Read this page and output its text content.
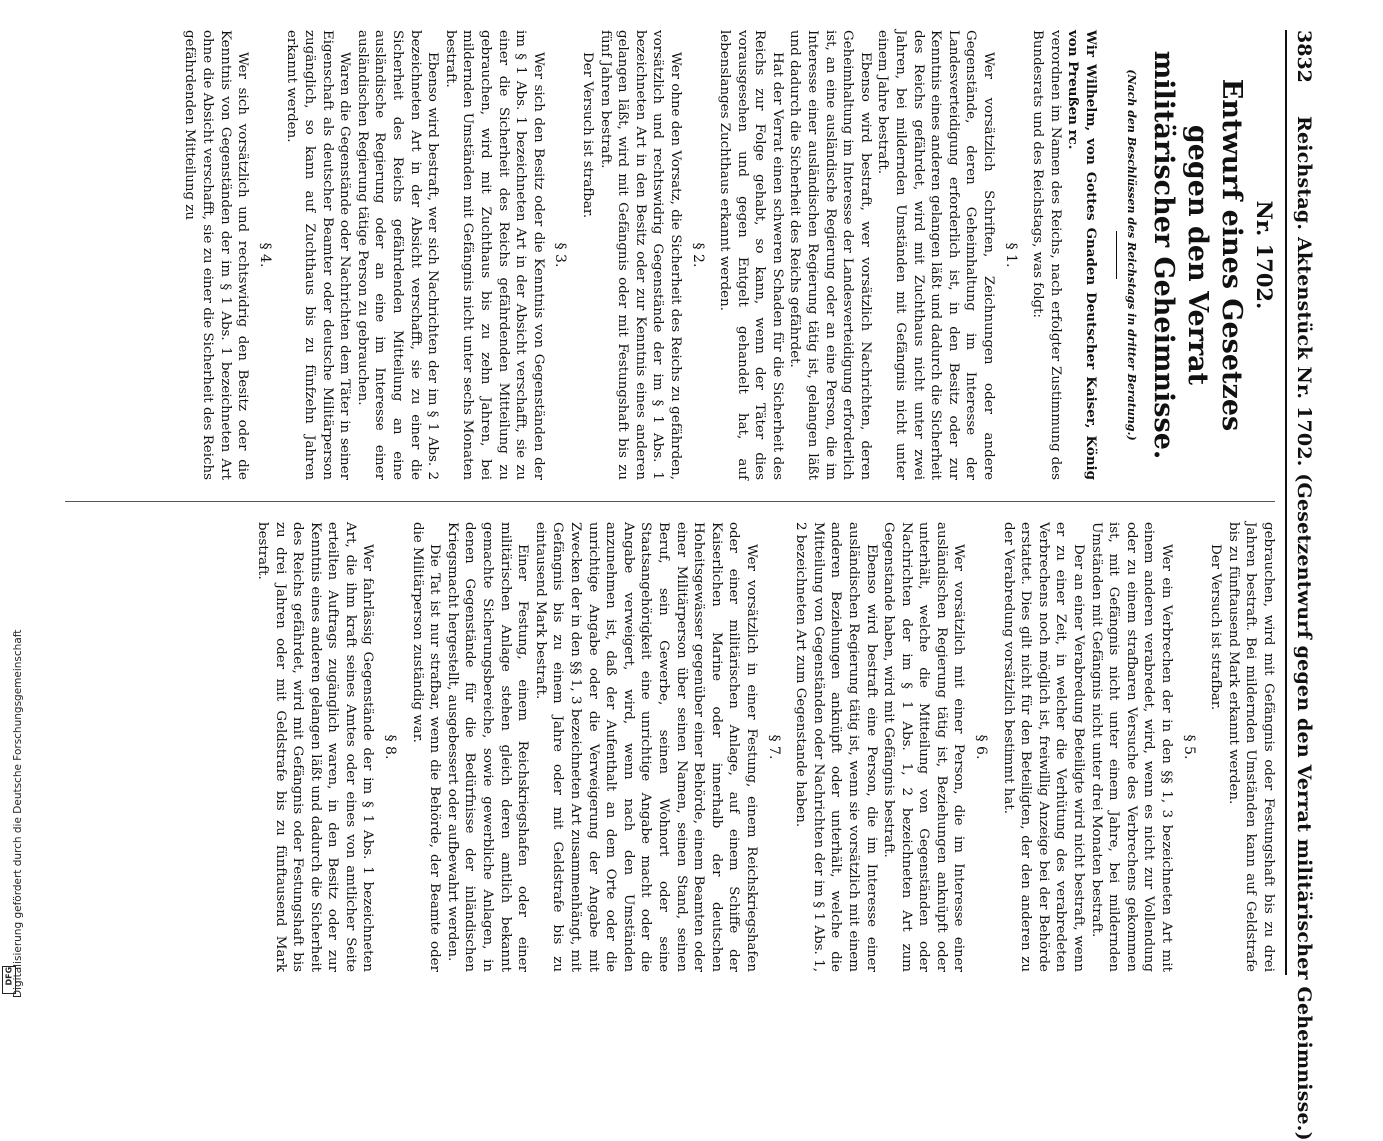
3832
Reichstag. Aktenstück Nr. 1702. (Gesetzentwurf gegen den Verrat militärischer Geheimnisse.)
Nr. 1702.
Entwurf eines Gesetzes
gegen den Verrat militärischer Geheimnisse.
(Nach den Beschlüssen des Reichstags in dritter Beratung.)

Wir Wilhelm, von Gottes Gnaden Deutscher Kaiser, König von Preußen rc.

verordnen im Namen des Reichs, nach erfolgter Zustimmung des Bundesrats und des Reichstags, was folgt:

§ 1.

Wer vorsätzlich Schriften, Zeichnungen oder andere Gegenstände, deren Geheimhaltung im Interesse der Landesverteidigung erforderlich ist, in den Besitz oder zur Kenntnis eines anderen gelangen läßt und dadurch die Sicherheit des Reichs gefährdet, wird mit Zuchthaus nicht unter zwei Jahren, bei mildernden Umständen mit Gefängnis nicht unter einem Jahre bestraft.

Ebenso wird bestraft, wer vorsätzlich Nachrichten, deren Geheimhaltung im Interesse der Landesverteidigung erforderlich ist, an eine ausländische Regierung oder an eine Person, die im Interesse einer ausländischen Regierung tätig ist, gelangen läßt und dadurch die Sicherheit des Reichs gefährdet.

Hat der Verrat einen schweren Schaden für die Sicherheit des Reichs zur Folge gehabt, so kann, wenn der Täter dies vorausgesehen und gegen Entgelt gehandelt hat, auf lebenslanges Zuchthaus erkannt werden.

§ 2.

Wer ohne den Vorsatz, die Sicherheit des Reichs zu gefährden, vorsätzlich und rechtswidrig Gegenstände der im § 1 Abs. 1 bezeichneten Art in den Besitz oder zur Kenntnis eines anderen gelangen läßt, wird mit Gefängnis oder mit Festungshaft bis zu fünf Jahren bestraft.

Der Versuch ist strafbar.

§ 3.

Wer sich den Besitz oder die Kenntnis von Gegenständen der im § 1 Abs. 1 bezeichneten Art in der Absicht verschafft, sie zu einer die Sicherheit des Reichs gefährdenden Mitteilung zu gebrauchen, wird mit Zuchthaus bis zu zehn Jahren, bei mildernden Umständen mit Gefängnis nicht unter sechs Monaten bestraft.

Ebenso wird bestraft, wer sich Nachrichten der im § 1 Abs. 2 bezeichneten Art in der Absicht verschafft, sie zu einer die Sicherheit des Reichs gefährdenden Mitteilung an eine ausländische Regierung oder an eine im Interesse einer ausländischen Regierung tätige Person zu gebrauchen.

Waren die Gegenstände oder Nachrichten dem Täter in seiner Eigenschaft als deutscher Beamter oder deutsche Militärperson zugänglich, so kann auf Zuchthaus bis zu fünfzehn Jahren erkannt werden.

§ 4.

Wer sich vorsätzlich und rechtswidrig den Besitz oder die Kenntnis von Gegenständen der im § 1 Abs. 1 bezeichneten Art ohne die Absicht verschafft, sie zu einer die Sicherheit des Reichs gefährdenden Mitteilung zu

gebrauchen, wird mit Gefängnis oder Festungshaft bis zu drei Jahren bestraft. Bei mildernden Umständen kann auf Geldstrafe bis zu fünftausend Mark erkannt werden.

Der Versuch ist strafbar.

§ 5.

Wer ein Verbrechen der in den §§ 1, 3 bezeichneten Art mit einem anderen verabredet, wird, wenn es nicht zur Vollendung oder zu einem strafbaren Versuche des Verbrechens gekommen ist, mit Gefängnis nicht unter einem Jahre, bei mildernden Umständen mit Gefängnis nicht unter drei Monaten bestraft.

Der an einer Verabredung Beteiligte wird nicht bestraft, wenn er zu einer Zeit, in welcher die Verhütung des verabredeten Verbrechens noch möglich ist, freiwillig Anzeige bei der Behörde erstattet. Dies gilt nicht für den Beteiligten, der den anderen zu der Verabredung vorsätzlich bestimmt hat.

§ 6.

Wer vorsätzlich mit einer Person, die im Interesse einer ausländischen Regierung tätig ist, Beziehungen anknüpft oder unterhält, welche die Mitteilung von Gegenständen oder Nachrichten der im § 1 Abs. 1, 2 bezeichneten Art zum Gegenstande haben, wird mit Gefängnis bestraft.

Ebenso wird bestraft eine Person, die im Interesse einer ausländischen Regierung tätig ist, wenn sie vorsätzlich mit einem anderen Beziehungen anknüpft oder unterhält, welche die Mitteilung von Gegenständen oder Nachrichten der im § 1 Abs. 1, 2 bezeichneten Art zum Gegenstande haben.

§ 7.

Wer vorsätzlich in einer Festung, einem Reichskriegshafen oder einer militärischen Anlage, auf einem Schiffe der Kaiserlichen Marine oder innerhalb der deutschen Hoheitsgewässer gegenüber einer Behörde, einem Beamten oder einer Militärperson über seinen Namen, seinen Stand, seinen Beruf, sein Gewerbe, seinen Wohnort oder seine Staatsangehörigkeit eine unrichtige Angabe macht oder die Angabe verweigert, wird, wenn nach den Umständen anzunehmen ist, daß der Aufenthalt an dem Orte oder die unrichtige Angabe oder die Verweigerung der Angabe mit Zwecken der in den §§ 1, 3 bezeichneten Art zusammenhängt, mit Gefängnis bis zu einem Jahre oder mit Geldstrafe bis zu eintausend Mark bestraft.

Einer Festung, einem Reichskriegshafen oder einer militärischen Anlage stehen gleich deren amtlich bekannt gemachte Sicherungsbereiche, sowie gewerbliche Anlagen, in denen Gegenstände für die Bedürfnisse der inländischen Kriegsmacht hergestellt, ausgebessert oder aufbewahrt werden.

Die Tat ist nur strafbar, wenn die Behörde, der Beamte oder die Militärperson zuständig war.

§ 8.

Wer fahrlässig Gegenstände der im § 1 Abs. 1 bezeichneten Art, die ihm kraft seines Amtes oder eines von amtlicher Seite erteilten Auftrags zugänglich waren, in den Besitz oder zur Kenntnis eines anderen gelangen läßt und dadurch die Sicherheit des Reichs gefährdet, wird mit Gefängnis oder Festungshaft bis zu drei Jahren oder mit Geldstrafe bis zu fünftausend Mark bestraft.

Digitalisierung gefördert durch die Deutsche Forschungsgemeinschaft
DFG
